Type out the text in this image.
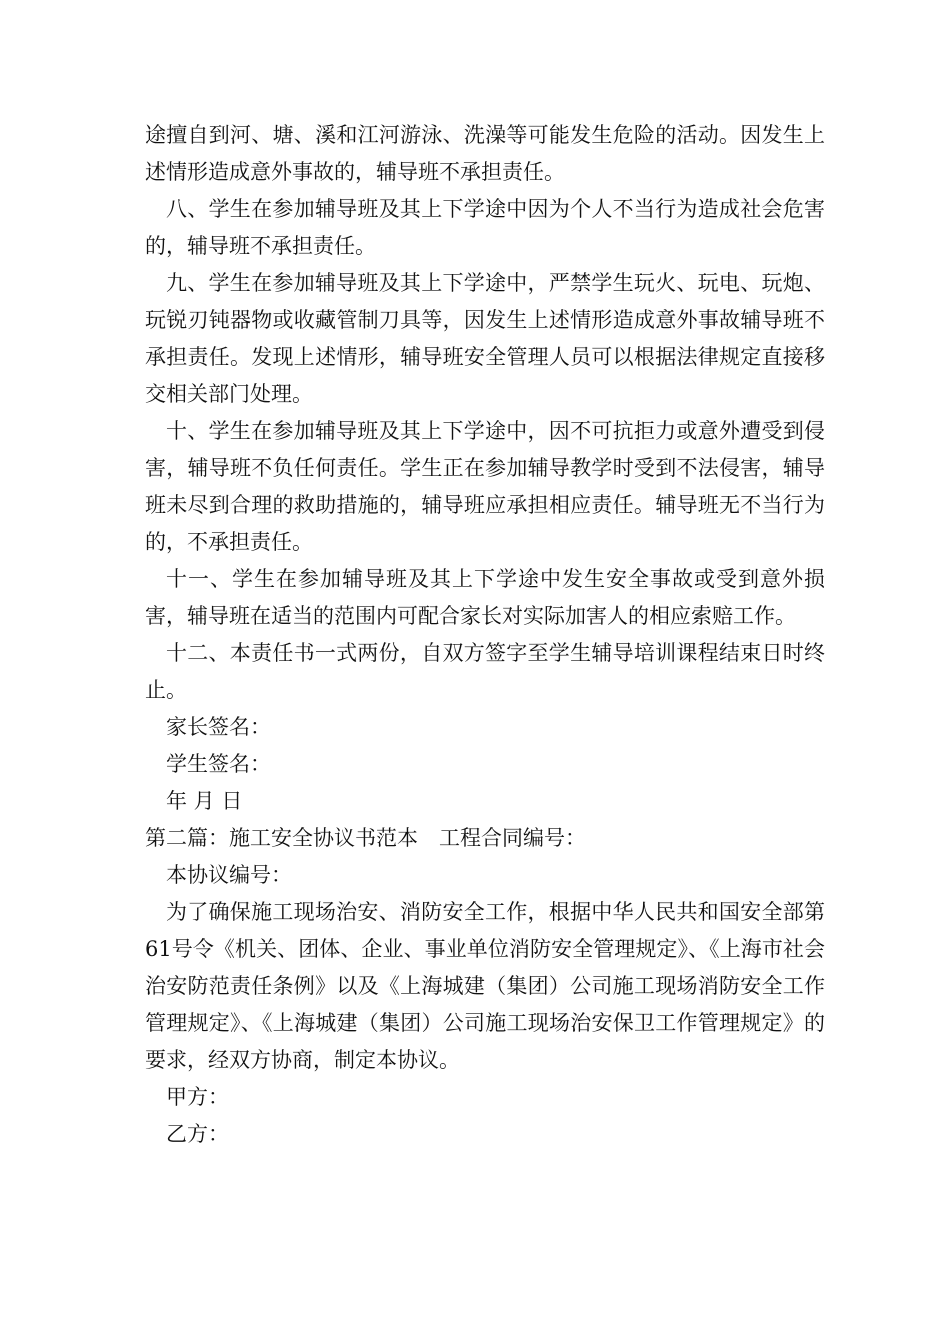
途擅自到河、塘、溪和江河游泳、洗澡等可能发生危险的活动。因发生上述情形造成意外事故的，辅导班不承担责任。

八、学生在参加辅导班及其上下学途中因为个人不当行为造成社会危害的，辅导班不承担责任。

九、学生在参加辅导班及其上下学途中，严禁学生玩火、玩电、玩炮、玩锐刃钝器物或收藏管制刀具等，因发生上述情形造成意外事故辅导班不承担责任。发现上述情形，辅导班安全管理人员可以根据法律规定直接移交相关部门处理。

十、学生在参加辅导班及其上下学途中，因不可抗拒力或意外遭受到侵害，辅导班不负任何责任。学生正在参加辅导教学时受到不法侵害，辅导班未尽到合理的救助措施的，辅导班应承担相应责任。辅导班无不当行为的，不承担责任。

十一、学生在参加辅导班及其上下学途中发生安全事故或受到意外损害，辅导班在适当的范围内可配合家长对实际加害人的相应索赔工作。

十二、本责任书一式两份，自双方签字至学生辅导培训课程结束日时终止。

家长签名：

学生签名：

年 月 日

第二篇：施工安全协议书范本　工程合同编号：

本协议编号：

为了确保施工现场治安、消防安全工作，根据中华人民共和国安全部第61号令《机关、团体、企业、事业单位消防安全管理规定》、《上海市社会治安防范责任条例》以及《上海城建（集团）公司施工现场消防安全工作管理规定》、《上海城建（集团）公司施工现场治安保卫工作管理规定》的要求，经双方协商，制定本协议。

甲方：

乙方：
